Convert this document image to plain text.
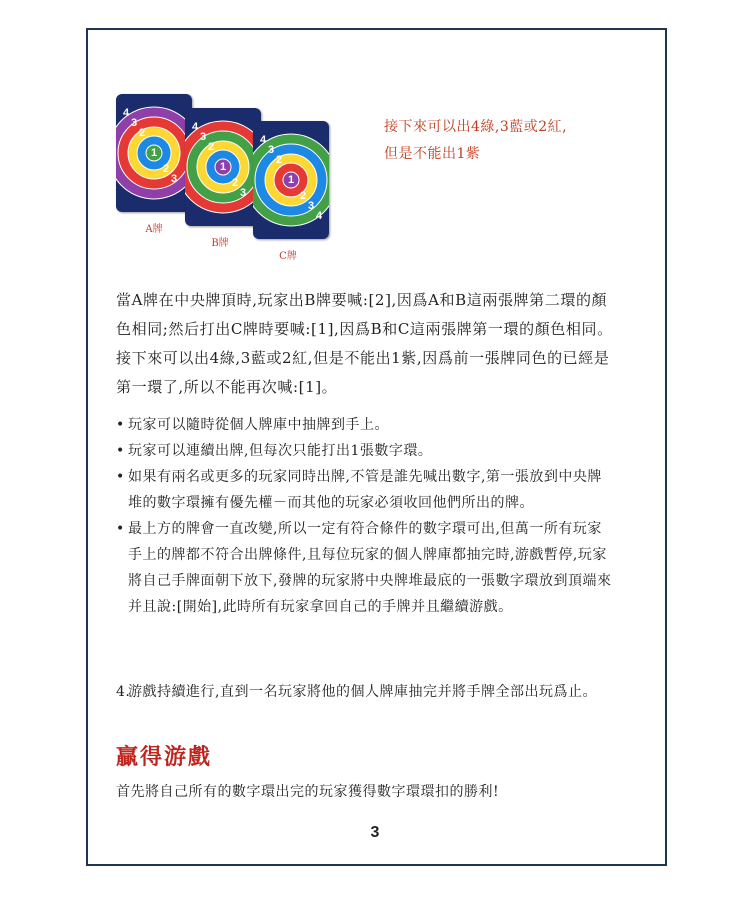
4
3
2
1
2
3
A牌
4
3
2
1
2
3
B牌
4
3
2
1
2
3
4
C牌
接下來可以出4綠,3藍或2紅,但是不能出1紫
當A牌在中央牌頂時,玩家出B牌要喊:[2],因爲A和B這兩張牌第二環的顏色相同;然后打出C牌時要喊:[1],因爲B和C這兩張牌第一環的顏色相同。接下來可以出4綠,3藍或2紅,但是不能出1紫,因爲前一張牌同色的已經是第一環了,所以不能再次喊:[1]。
• 玩家可以隨時從個人牌庫中抽牌到手上。
• 玩家可以連續出牌,但每次只能打出1張數字環。
• 如果有兩名或更多的玩家同時出牌,不管是誰先喊出數字,第一張放到中央牌堆的數字環擁有優先權－而其他的玩家必須收回他們所出的牌。
• 最上方的牌會一直改變,所以一定有符合條件的數字環可出,但萬一所有玩家手上的牌都不符合出牌條件,且每位玩家的個人牌庫都抽完時,游戲暫停,玩家將自己手牌面朝下放下,發牌的玩家將中央牌堆最底的一張數字環放到頂端來并且說:[開始],此時所有玩家拿回自己的手牌并且繼續游戲。
4.
游戲持續進行,直到一名玩家將他的個人牌庫抽完并將手牌全部出玩爲止。
贏得游戲
首先將自己所有的數字環出完的玩家獲得數字環環扣的勝利!
3
